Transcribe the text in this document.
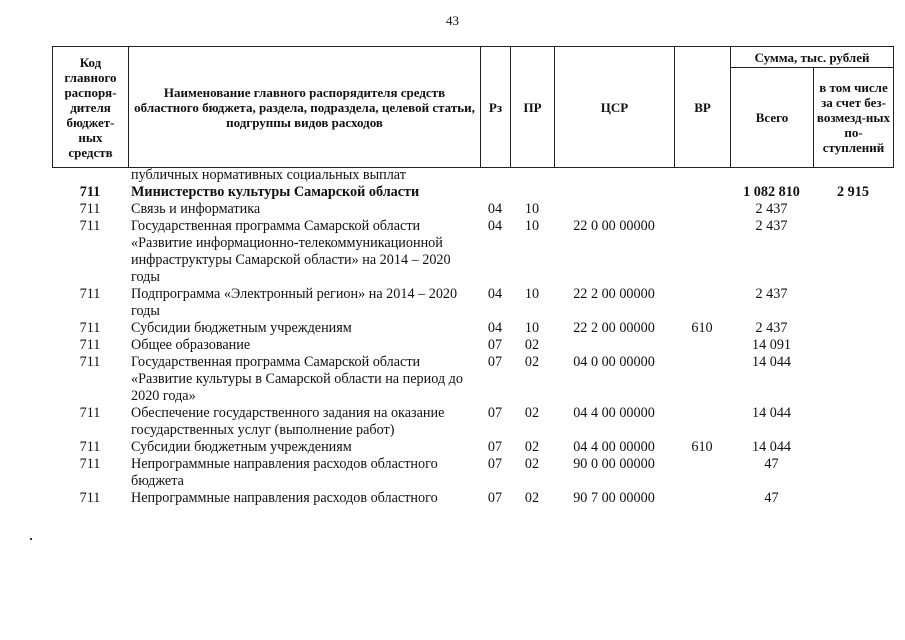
43
Код главного распоря-дителя бюджет-ных средств	Наименование главного распорядителя средств областного бюджета, раздела, подраздела, целевой статьи, подгруппы видов расходов	Рз	ПР	ЦСР	ВР	Сумма, тыс. рублей	
						Всего	в том числе за счет без-возмезд-ных по-ступлений
	публичных нормативных социальных выплат						
711	Министерство культуры Самарской области					1 082 810	2 915
711	Связь и информатика	04	10			2 437	
711	Государственная программа Самарской области «Развитие информационно-телекоммуникационной инфраструктуры Самарской области» на 2014 – 2020 годы	04	10	22 0 00 00000		2 437	
711	Подпрограмма «Электронный регион» на 2014 – 2020 годы	04	10	22 2 00 00000		2 437	
711	Субсидии бюджетным учреждениям	04	10	22 2 00 00000	610	2 437	
711	Общее образование	07	02			14 091	
711	Государственная программа Самарской области «Развитие культуры в Самарской области на период до 2020 года»	07	02	04 0 00 00000		14 044	
711	Обеспечение государственного задания на оказание государственных услуг (выполнение работ)	07	02	04 4 00 00000		14 044	
711	Субсидии бюджетным учреждениям	07	02	04 4 00 00000	610	14 044	
711	Непрограммные направления расходов областного бюджета	07	02	90 0 00 00000		47	
711	Непрограммные направления расходов областного	07	02	90 7 00 00000		47	
